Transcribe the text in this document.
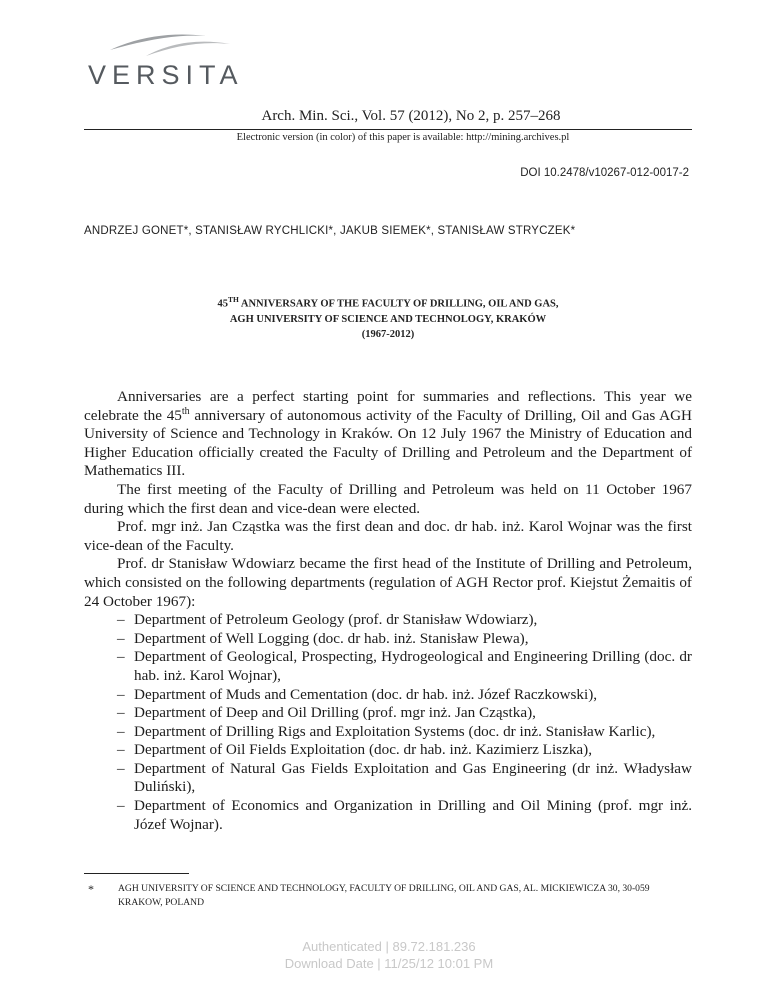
VERSITA
Arch. Min. Sci., Vol. 57 (2012), No 2, p. 257–268
Electronic version (in color) of this paper is available: http://mining.archives.pl
DOI 10.2478/v10267-012-0017-2
ANDRZEJ GONET*, STANISŁAW RYCHLICKI*, JAKUB SIEMEK*, STANISŁAW STRYCZEK*
45TH ANNIVERSARY OF THE FACULTY OF DRILLING, OIL AND GAS,
AGH UNIVERSITY OF SCIENCE AND TECHNOLOGY, KRAKÓW
(1967-2012)

Anniversaries are a perfect starting point for summaries and reflections. This year we celebrate the 45th anniversary of autonomous activity of the Faculty of Drilling, Oil and Gas AGH University of Science and Technology in Kraków. On 12 July 1967 the Ministry of Education and Higher Education officially created the Faculty of Drilling and Petroleum and the Department of Mathematics III.

The first meeting of the Faculty of Drilling and Petroleum was held on 11 October 1967 during which the first dean and vice-dean were elected.

Prof. mgr inż. Jan Cząstka was the first dean and doc. dr hab. inż. Karol Wojnar was the first vice-dean of the Faculty.

Prof. dr Stanisław Wdowiarz became the first head of the Institute of Drilling and Petroleum, which consisted on the following departments (regulation of AGH Rector prof. Kiejstut Żemaitis of 24 October 1967):

– Department of Petroleum Geology (prof. dr Stanisław Wdowiarz),
– Department of Well Logging (doc. dr hab. inż. Stanisław Plewa),
– Department of Geological, Prospecting, Hydrogeological and Engineering Drilling (doc. dr hab. inż. Karol Wojnar),
– Department of Muds and Cementation (doc. dr hab. inż. Józef Raczkowski),
– Department of Deep and Oil Drilling (prof. mgr inż. Jan Cząstka),
– Department of Drilling Rigs and Exploitation Systems (doc. dr inż. Stanisław Karlic),
– Department of Oil Fields Exploitation (doc. dr hab. inż. Kazimierz Liszka),
– Department of Natural Gas Fields Exploitation and Gas Engineering (dr inż. Władysław Duliński),
– Department of Economics and Organization in Drilling and Oil Mining (prof. mgr inż. Józef Wojnar).
*	AGH UNIVERSITY OF SCIENCE AND TECHNOLOGY, FACULTY OF DRILLING, OIL AND GAS, AL. MICKIEWICZA 30, 30-059 KRAKOW, POLAND
Authenticated | 89.72.181.236
Download Date | 11/25/12 10:01 PM
